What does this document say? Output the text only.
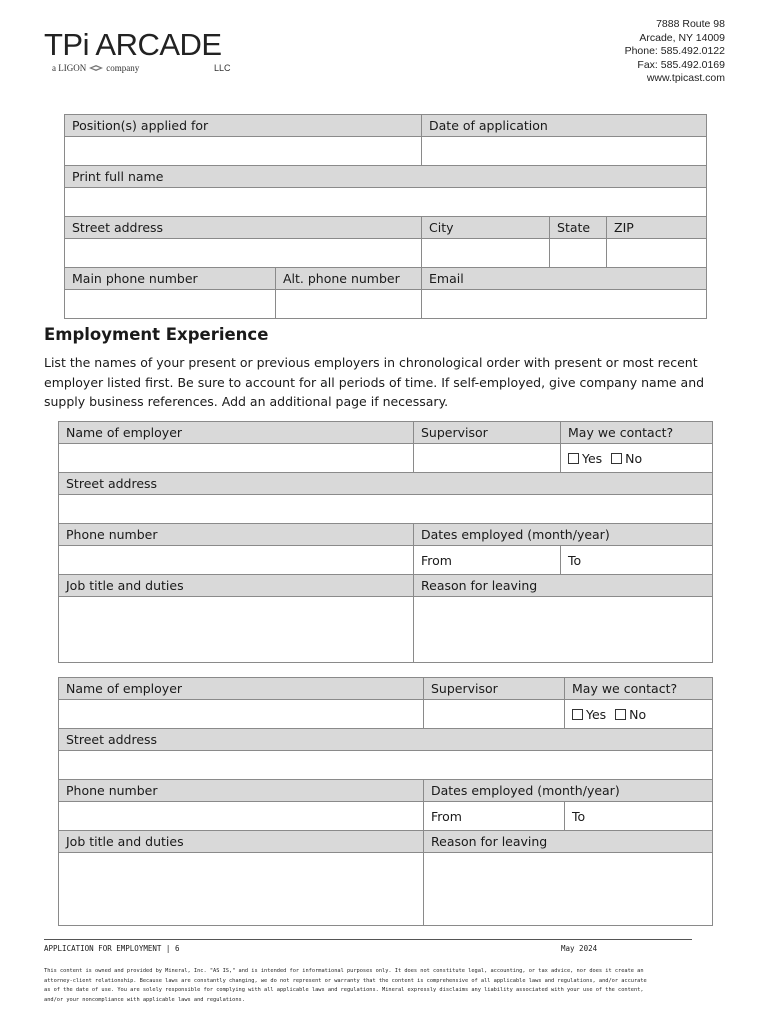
TPi ARCADE
a LIGON company	LLC
7888 Route 98
Arcade, NY 14009
Phone: 585.492.0122
Fax: 585.492.0169
www.tpicast.com
Position(s) applied for		Date of application		

Print full name				

Street address		City	State	ZIP

Main phone number	Alt. phone number	Email		

Employment Experience

List the names of your present or previous employers in chronological order with present or most recent employer listed first. Be sure to account for all periods of time. If self-employed, give company name and supply business references. Add an additional page if necessary.

Name of employer	Supervisor	May we contact?
		Yes No
Street address		

Phone number	Dates employed (month/year)	
	From	To
Job title and duties	Reason for leaving	

Name of employer	Supervisor	May we contact?
		Yes No
Street address		

Phone number	Dates employed (month/year)	
	From	To
Job title and duties	Reason for leaving	

APPLICATION FOR EMPLOYMENT | 6	May 2024
This content is owned and provided by Mineral, Inc. "AS IS," and is intended for informational purposes only. It does not constitute legal, accounting, or tax advice, nor does it create an
attorney-client relationship. Because laws are constantly changing, we do not represent or warranty that the content is comprehensive of all applicable laws and regulations, and/or accurate
as of the date of use. You are solely responsible for complying with all applicable laws and regulations. Mineral expressly disclaims any liability associated with your use of the content,
and/or your noncompliance with applicable laws and regulations.
